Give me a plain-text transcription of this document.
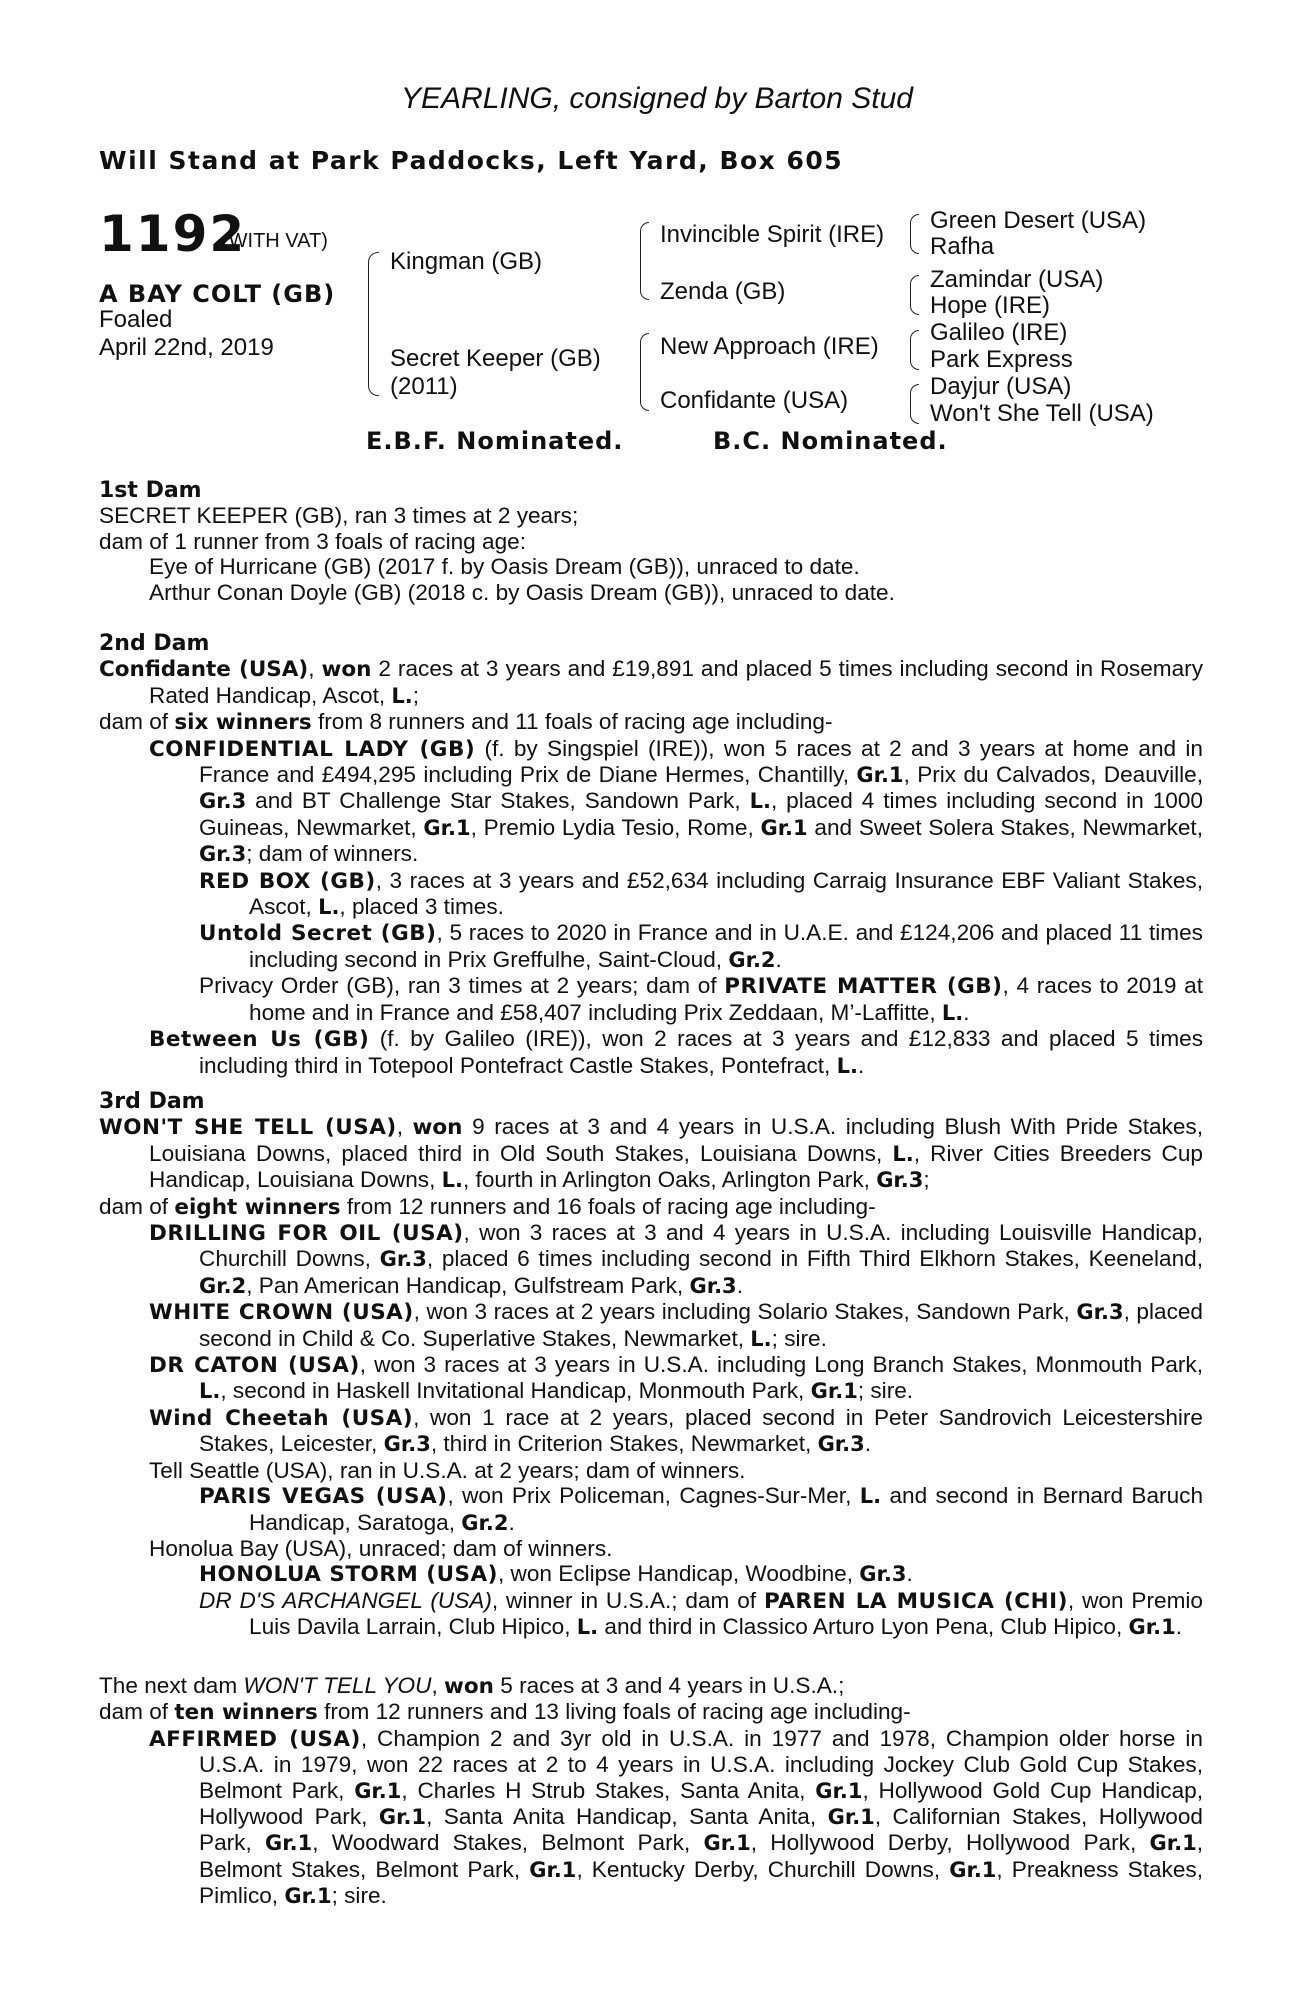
YEARLING, consigned by Barton Stud
Will Stand at Park Paddocks, Left Yard, Box 605
1192
(WITH VAT)
A BAY COLT (GB)
Foaled
April 22nd, 2019
Kingman (GB)
Secret Keeper (GB)
(2011)
Invincible Spirit (IRE)
Zenda (GB)
New Approach (IRE)
Confidante (USA)
Green Desert (USA)
Rafha
Zamindar (USA)
Hope (IRE)
Galileo (IRE)
Park Express
Dayjur (USA)
Won't She Tell (USA)
E.B.F. Nominated.	B.C. Nominated.

1st Dam

SECRET KEEPER (GB), ran 3 times at 2 years;

dam of 1 runner from 3 foals of racing age:

Eye of Hurricane (GB) (2017 f. by Oasis Dream (GB)), unraced to date.

Arthur Conan Doyle (GB) (2018 c. by Oasis Dream (GB)), unraced to date.

2nd Dam

Confidante (USA), won 2 races at 3 years and £19,891 and placed 5 times including second in Rosemary Rated Handicap, Ascot, L.;

dam of six winners from 8 runners and 11 foals of racing age including-

CONFIDENTIAL LADY (GB) (f. by Singspiel (IRE)), won 5 races at 2 and 3 years at home and in France and £494,295 including Prix de Diane Hermes, Chantilly, Gr.1, Prix du Calvados, Deauville, Gr.3 and BT Challenge Star Stakes, Sandown Park, L., placed 4 times including second in 1000 Guineas, Newmarket, Gr.1, Premio Lydia Tesio, Rome, Gr.1 and Sweet Solera Stakes, Newmarket, Gr.3; dam of winners.

RED BOX (GB), 3 races at 3 years and £52,634 including Carraig Insurance EBF Valiant Stakes, Ascot, L., placed 3 times.

Untold Secret (GB), 5 races to 2020 in France and in U.A.E. and £124,206 and placed 11 times including second in Prix Greffulhe, Saint-Cloud, Gr.2.

Privacy Order (GB), ran 3 times at 2 years; dam of PRIVATE MATTER (GB), 4 races to 2019 at home and in France and £58,407 including Prix Zeddaan, M’-Laffitte, L..

Between Us (GB) (f. by Galileo (IRE)), won 2 races at 3 years and £12,833 and placed 5 times including third in Totepool Pontefract Castle Stakes, Pontefract, L..

3rd Dam

WON'T SHE TELL (USA), won 9 races at 3 and 4 years in U.S.A. including Blush With Pride Stakes, Louisiana Downs, placed third in Old South Stakes, Louisiana Downs, L., River Cities Breeders Cup Handicap, Louisiana Downs, L., fourth in Arlington Oaks, Arlington Park, Gr.3;

dam of eight winners from 12 runners and 16 foals of racing age including-

DRILLING FOR OIL (USA), won 3 races at 3 and 4 years in U.S.A. including Louisville Handicap, Churchill Downs, Gr.3, placed 6 times including second in Fifth Third Elkhorn Stakes, Keeneland, Gr.2, Pan American Handicap, Gulfstream Park, Gr.3.

WHITE CROWN (USA), won 3 races at 2 years including Solario Stakes, Sandown Park, Gr.3, placed second in Child & Co. Superlative Stakes, Newmarket, L.; sire.

DR CATON (USA), won 3 races at 3 years in U.S.A. including Long Branch Stakes, Monmouth Park, L., second in Haskell Invitational Handicap, Monmouth Park, Gr.1; sire.

Wind Cheetah (USA), won 1 race at 2 years, placed second in Peter Sandrovich Leicestershire Stakes, Leicester, Gr.3, third in Criterion Stakes, Newmarket, Gr.3.

Tell Seattle (USA), ran in U.S.A. at 2 years; dam of winners.

PARIS VEGAS (USA), won Prix Policeman, Cagnes-Sur-Mer, L. and second in Bernard Baruch Handicap, Saratoga, Gr.2.

Honolua Bay (USA), unraced; dam of winners.

HONOLUA STORM (USA), won Eclipse Handicap, Woodbine, Gr.3.

DR D'S ARCHANGEL (USA), winner in U.S.A.; dam of PAREN LA MUSICA (CHI), won Premio Luis Davila Larrain, Club Hipico, L. and third in Classico Arturo Lyon Pena, Club Hipico, Gr.1.

The next dam WON'T TELL YOU, won 5 races at 3 and 4 years in U.S.A.;

dam of ten winners from 12 runners and 13 living foals of racing age including-

AFFIRMED (USA), Champion 2 and 3yr old in U.S.A. in 1977 and 1978, Champion older horse in U.S.A. in 1979, won 22 races at 2 to 4 years in U.S.A. including Jockey Club Gold Cup Stakes, Belmont Park, Gr.1, Charles H Strub Stakes, Santa Anita, Gr.1, Hollywood Gold Cup Handicap, Hollywood Park, Gr.1, Santa Anita Handicap, Santa Anita, Gr.1, Californian Stakes, Hollywood Park, Gr.1, Woodward Stakes, Belmont Park, Gr.1, Hollywood Derby, Hollywood Park, Gr.1, Belmont Stakes, Belmont Park, Gr.1, Kentucky Derby, Churchill Downs, Gr.1, Preakness Stakes, Pimlico, Gr.1; sire.
